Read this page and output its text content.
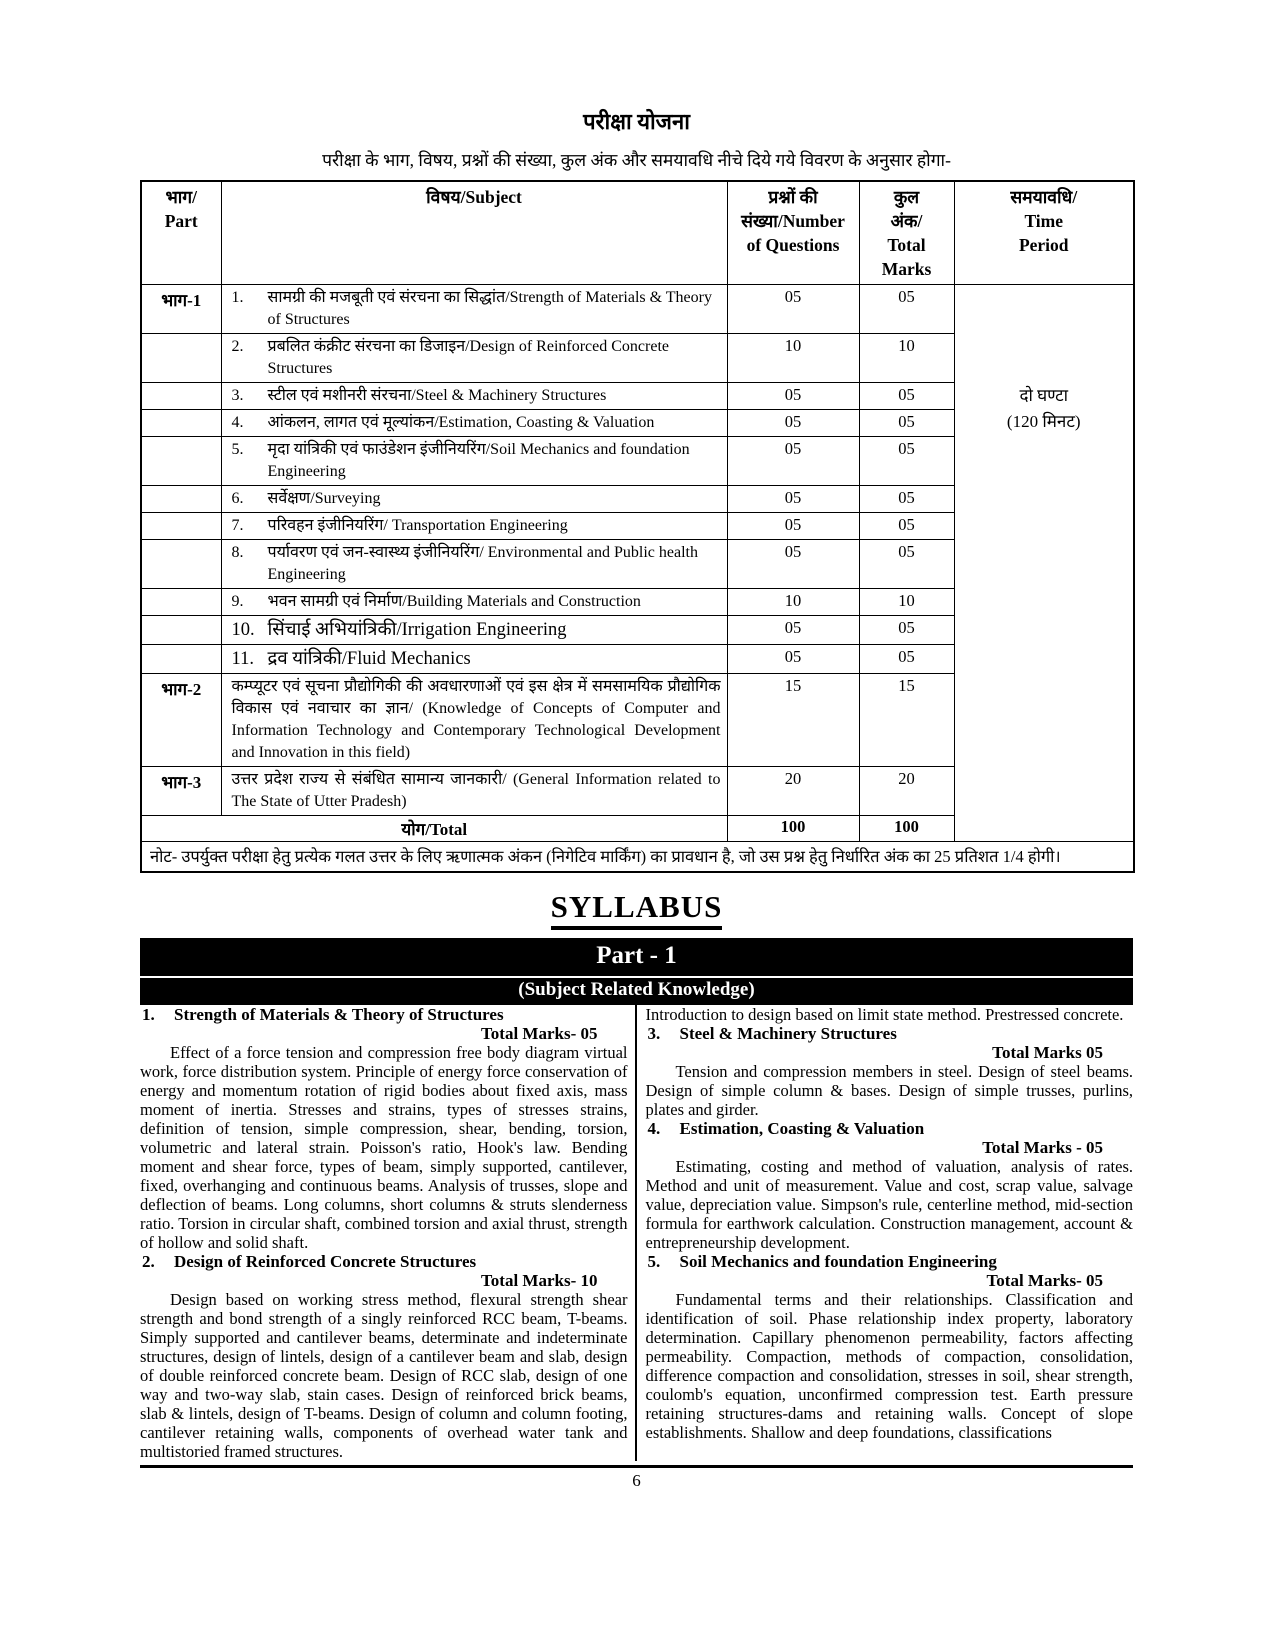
परीक्षा योजना
परीक्षा के भाग, विषय, प्रश्नों की संख्या, कुल अंक और समयावधि नीचे दिये गये विवरण के अनुसार होगा-
भाग/
Part	विषय/Subject	प्रश्नों की
संख्या/Number
of Questions	कुल
अंक/
Total
Marks	समयावधि/
Time
Period
भाग-1	1. सामग्री की मजबूती एवं संरचना का सिद्धांत/Strength of Materials & Theory of Structures	05	05	दो घण्टा
(120 मिनट)

	2. प्रबलित कंक्रीट संरचना का डिजाइन/Design of Reinforced Concrete Structures	10	10	

	3. स्टील एवं मशीनरी संरचना/Steel & Machinery Structures	05	05	

	4. आंकलन, लागत एवं मूल्यांकन/Estimation, Coasting & Valuation	05	05	

	5. मृदा यांत्रिकी एवं फाउंडेशन इंजीनियरिंग/Soil Mechanics and foundation Engineering	05	05	

	6. सर्वेक्षण/Surveying	05	05	

	7. परिवहन इंजीनियरिंग/ Transportation Engineering	05	05	

	8. पर्यावरण एवं जन-स्वास्थ्य इंजीनियरिंग/ Environmental and Public health Engineering	05	05	

	9. भवन सामग्री एवं निर्माण/Building Materials and Construction	10	10	

	10. सिंचाई अभियांत्रिकी/Irrigation Engineering	05	05	

	11. द्रव यांत्रिकी/Fluid Mechanics	05	05	
भाग-2	कम्प्यूटर एवं सूचना प्रौद्योगिकी की अवधारणाओं एवं इस क्षेत्र में समसामयिक प्रौद्योगिक विकास एवं नवाचार का ज्ञान/ (Knowledge of Concepts of Computer and Information Technology and Contemporary Technological Development and Innovation in this field)	15	15	
भाग-3	उत्तर प्रदेश राज्य से संबंधित सामान्य जानकारी/ (General Information related to The State of Utter Pradesh)	20	20	
योग/Total		100	100	
नोट- उपर्युक्त परीक्षा हेतु प्रत्येक गलत उत्तर के लिए ऋणात्मक अंकन (निगेटिव मार्किंग) का प्रावधान है, जो उस प्रश्न हेतु निर्धारित अंक का 25 प्रतिशत 1/4 होगी।				
SYLLABUS
Part - 1
(Subject Related Knowledge)
1.	Strength of Materials & Theory of Structures
Total Marks- 05
Effect of a force tension and compression free body diagram virtual work, force distribution system. Principle of energy force conservation of energy and momentum rotation of rigid bodies about fixed axis, mass moment of inertia. Stresses and strains, types of stresses strains, definition of tension, simple compression, shear, bending, torsion, volumetric and lateral strain. Poisson's ratio, Hook's law. Bending moment and shear force, types of beam, simply supported, cantilever, fixed, overhanging and continuous beams. Analysis of trusses, slope and deflection of beams. Long columns, short columns & struts slenderness ratio. Torsion in circular shaft, combined torsion and axial thrust, strength of hollow and solid shaft.
2.	Design of Reinforced Concrete Structures
Total Marks- 10
Design based on working stress method, flexural strength shear strength and bond strength of a singly reinforced RCC beam, T-beams. Simply supported and cantilever beams, determinate and indeterminate structures, design of lintels, design of a cantilever beam and slab, design of double reinforced concrete beam. Design of RCC slab, design of one way and two-way slab, stain cases. Design of reinforced brick beams, slab & lintels, design of T-beams. Design of column and column footing, cantilever retaining walls, components of overhead water tank and multistoried framed structures.
Introduction to design based on limit state method. Prestressed concrete.
3.	Steel & Machinery Structures
Total Marks 05
Tension and compression members in steel. Design of steel beams. Design of simple column & bases. Design of simple trusses, purlins, plates and girder.
4.	Estimation, Coasting & Valuation
Total Marks - 05
Estimating, costing and method of valuation, analysis of rates. Method and unit of measurement. Value and cost, scrap value, salvage value, depreciation value. Simpson's rule, centerline method, mid-section formula for earthwork calculation. Construction management, account & entrepreneurship development.
5.	Soil Mechanics and foundation Engineering
Total Marks- 05
Fundamental terms and their relationships. Classification and identification of soil. Phase relationship index property, laboratory determination. Capillary phenomenon permeability, factors affecting permeability. Compaction, methods of compaction, consolidation, difference compaction and consolidation, stresses in soil, shear strength, coulomb's equation, unconfirmed compression test. Earth pressure retaining structures-dams and retaining walls. Concept of slope establishments. Shallow and deep foundations, classifications
6
